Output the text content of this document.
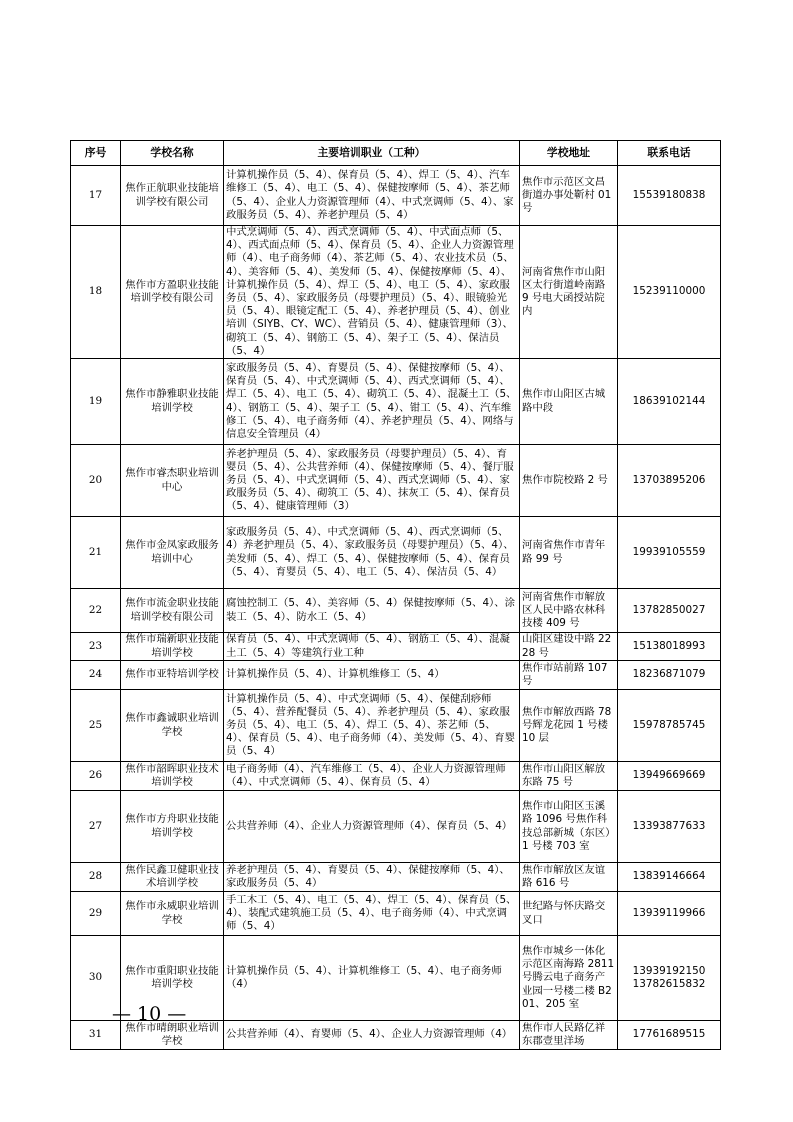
序号	学校名称	主要培训职业（工种）	学校地址	联系电话
17	焦作正航职业技能培训学校有限公司	计算机操作员（5、4）、保育员（5、4）、焊工（5、4）、汽车维修工（5、4）、电工（5、4）、保健按摩师（5、4）、茶艺师（5、4）、企业人力资源管理师（4）、中式烹调师（5、4）、家政服务员（5、4）、养老护理员（5、4）	焦作市示范区文昌街道办事处靳村 01 号	15539180838

18	焦作市方盈职业技能培训学校有限公司	中式烹调师（5、4）、西式烹调师（5、4）、中式面点师（5、4）、西式面点师（5、4）、保育员（5、4）、企业人力资源管理师（4）、电子商务师（4）、茶艺师（5、4）、农业技术员（5、4）、美容师（5、4）、美发师（5、4）、保健按摩师（5、4）、计算机操作员（5、4）、焊工（5、4）、电工（5、4）、家政服务员（5、4）、家政服务员（母婴护理员）（5、4）、眼镜验光员（5、4）、眼镜定配工（5、4）、养老护理员（5、4）、创业培训（SIYB、CY、WC）、营销员（5、4）、健康管理师（3）、砌筑工（5、4）、钢筋工（5、4）、架子工（5、4）、保洁员（5、4）	河南省焦作市山阳区太行街道岭南路 9 号电大函授站院内	15239110000

19	焦作市静雅职业技能培训学校	家政服务员（5、4）、育婴员（5、4）、保健按摩师（5、4）、保育员（5、4）、中式烹调师（5、4）、西式烹调师（5、4）、焊工（5、4）、电工（5、4）、砌筑工（5、4）、混凝土工（5、4）、钢筋工（5、4）、架子工（5、4）、钳工（5、4）、汽车维修工（5、4）、电子商务师（4）、养老护理员（5、4）、网络与信息安全管理员（4）	焦作市山阳区古城路中段	18639102144

20	焦作市睿杰职业培训中心	养老护理员（5、4）、家政服务员（母婴护理员）（5、4）、育婴员（5、4）、公共营养师（4）、保健按摩师（5、4）、餐厅服务员（5、4）、中式烹调师（5、4）、西式烹调师（5、4）、家政服务员（5、4）、砌筑工（5、4）、抹灰工（5、4）、保育员（5、4）、健康管理师（3）	焦作市院校路 2 号	13703895206

21	焦作市金凤家政服务培训中心	家政服务员（5、4）、中式烹调师（5、4）、西式烹调师（5、4）养老护理员（5、4）、家政服务员（母婴护理员）（5、4）、美发师（5、4）、焊工（5、4）、保健按摩师（5、4）、保育员（5、4）、育婴员（5、4）、电工（5、4）、保洁员（5、4）	河南省焦作市青年路 99 号	19939105559

22	焦作市流金职业技能培训学校有限公司	腐蚀控制工（5、4）、美容师（5、4）保健按摩师（5、4）、涂装工（5、4）、防水工（5、4）	河南省焦作市解放区人民中路农林科技楼 409 号	13782850027

23	焦作市瑞新职业技能培训学校	保育员（5、4）、中式烹调师（5、4）、钢筋工（5、4）、混凝土工（5、4）等建筑行业工种	山阳区建设中路 2228 号	15138018993

24	焦作市亚特培训学校	计算机操作员（5、4）、计算机维修工（5、4）	焦作市站前路 107 号	18236871079

25	焦作市鑫诚职业培训学校	计算机操作员（5、4）、中式烹调师（5、4）、保健刮痧师（5、4）、营养配餐员（5、4）、养老护理员（5、4）、家政服务员（5、4）、电工（5、4）、焊工（5、4）、茶艺师（5、4）、保育员（5、4）、电子商务师（4）、美发师（5、4）、育婴员（5、4）	焦作市解放西路 78 号辉龙花园 1 号楼 10 层	15978785745

26	焦作市韶晖职业技术培训学校	电子商务师（4）、汽车维修工（5、4）、企业人力资源管理师（4）、中式烹调师（5、4）、保育员（5、4）	焦作市山阳区解放东路 75 号	13949669669

27	焦作市方舟职业技能培训学校	公共营养师（4）、企业人力资源管理师（4）、保育员（5、4）	焦作市山阳区玉溪路 1096 号焦作科技总部新城（东区）1 号楼 703 室	13393877633

28	焦作民鑫卫健职业技术培训学校	养老护理员（5、4）、育婴员（5、4）、保健按摩师（5、4）、家政服务员（5、4）	焦作市解放区友谊路 616 号	13839146664

29	焦作市永威职业培训学校	手工木工（5、4）、电工（5、4）、焊工（5、4）、保育员（5、4）、装配式建筑施工员（5、4）、电子商务师（4）、中式烹调师（5、4）	世纪路与怀庆路交叉口	13939119966

30	焦作市重阳职业技能培训学校	计算机操作员（5、4）、计算机维修工（5、4）、电子商务师（4）	焦作市城乡一体化示范区南海路 2811 号腾云电子商务产业园一号楼二楼 B201、205 室	13939192150
13782615832

31	焦作市晴朗职业培训学校	公共营养师（4）、育婴师（5、4）、企业人力资源管理师（4）	焦作市人民路亿祥东郡壹里洋场	17761689515
— 10 —
